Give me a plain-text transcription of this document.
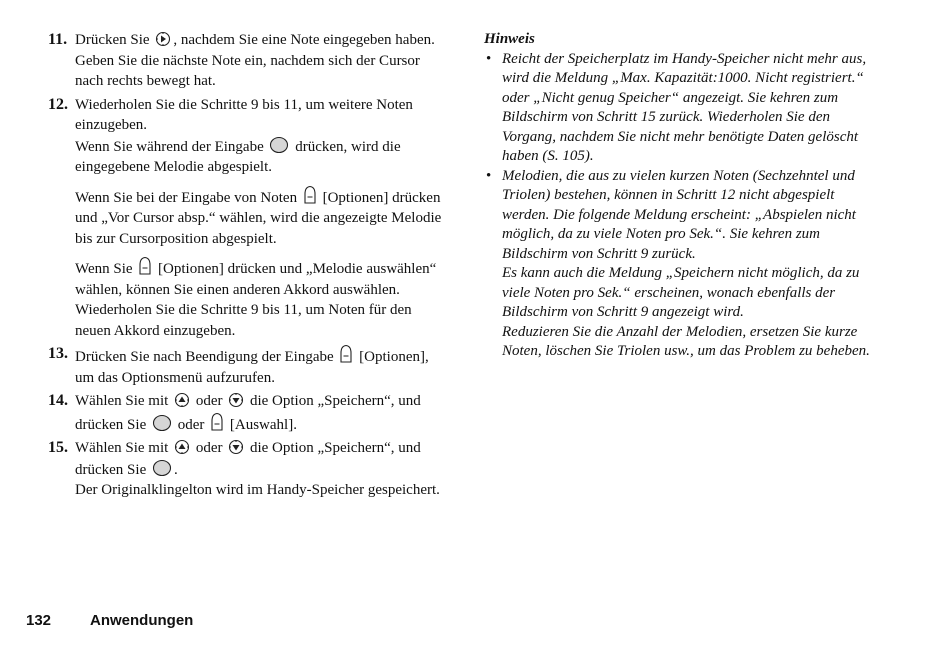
11. Drücken Sie , nachdem Sie eine Note eingegeben haben.
Geben Sie die nächste Note ein, nachdem sich der Cursor nach rechts bewegt hat.
12. Wiederholen Sie die Schritte 9 bis 11, um weitere Noten einzugeben.
Wenn Sie während der Eingabe drücken, wird die eingegebene Melodie abgespielt.
Wenn Sie bei der Eingabe von Noten [Optionen] drücken und „Vor Cursor absp.“ wählen, wird die angezeigte Melodie bis zur Cursorposition abgespielt.
Wenn Sie [Optionen] drücken und „Melodie auswählen“ wählen, können Sie einen anderen Akkord auswählen. Wiederholen Sie die Schritte 9 bis 11, um Noten für den neuen Akkord einzugeben.
13. Drücken Sie nach Beendigung der Eingabe [Optionen], um das Optionsmenü aufzurufen.
14. Wählen Sie mit oder die Option „Speichern“, und drücken Sie oder [Auswahl].
15. Wählen Sie mit oder die Option „Speichern“, und drücken Sie .
Der Originalklingelton wird im Handy-Speicher gespeichert.
Hinweis
• Reicht der Speicherplatz im Handy-Speicher nicht mehr aus, wird die Meldung „Max. Kapazität:1000. Nicht registriert.“ oder „Nicht genug Speicher“ angezeigt. Sie kehren zum Bildschirm von Schritt 15 zurück. Wiederholen Sie den Vorgang, nachdem Sie nicht mehr benötigte Daten gelöscht haben (S. 105).
• Melodien, die aus zu vielen kurzen Noten (Sechzehntel und Triolen) bestehen, können in Schritt 12 nicht abgespielt werden. Die folgende Meldung erscheint: „Abspielen nicht möglich, da zu viele Noten pro Sek.“. Sie kehren zum Bildschirm von Schritt 9 zurück.
Es kann auch die Meldung „Speichern nicht möglich, da zu viele Noten pro Sek.“ erscheinen, wonach ebenfalls der Bildschirm von Schritt 9 angezeigt wird.
Reduzieren Sie die Anzahl der Melodien, ersetzen Sie kurze Noten, löschen Sie Triolen usw., um das Problem zu beheben.
132	Anwendungen
